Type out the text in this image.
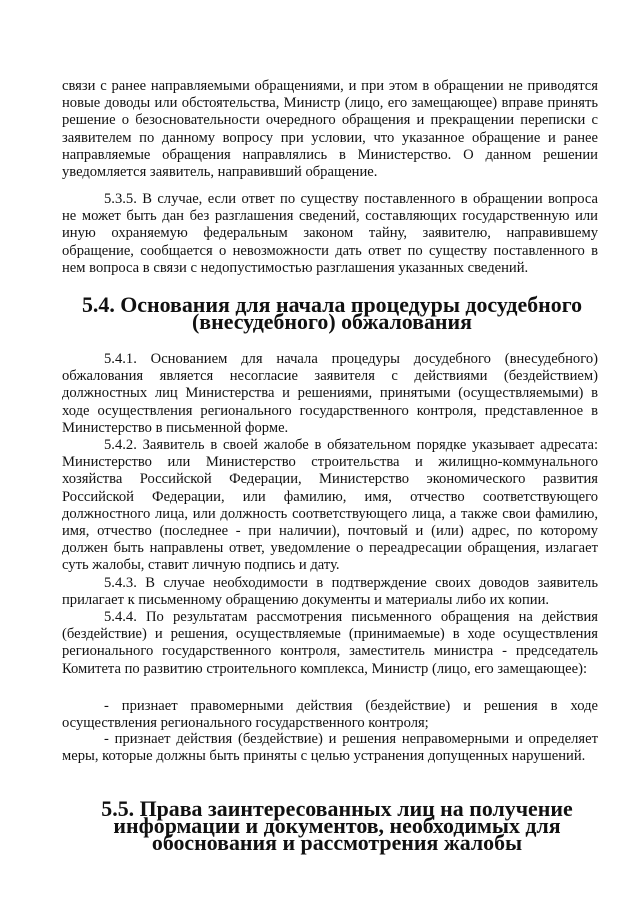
связи с ранее направляемыми обращениями, и при этом в обращении не приводятся новые доводы или обстоятельства, Министр (лицо, его замещающее) вправе принять решение о безосновательности очередного обращения и прекращении переписки с заявителем по данному вопросу при условии, что указанное обращение и ранее направляемые обращения направлялись в Министерство. О данном решении уведомляется заявитель, направивший обращение.

5.3.5. В случае, если ответ по существу поставленного в обращении вопроса не может быть дан без разглашения сведений, составляющих государственную или иную охраняемую федеральным законом тайну, заявителю, направившему обращение, сообщается о невозможности дать ответ по существу поставленного в нем вопроса в связи с недопустимостью разглашения указанных сведений.

5.4. Основания для начала процедуры досудебного (внесудебного) обжалования

5.4.1. Основанием для начала процедуры досудебного (внесудебного) обжалования является несогласие заявителя с действиями (бездействием) должностных лиц Министерства и решениями, принятыми (осуществляемыми) в ходе осуществления регионального государственного контроля, представленное в Министерство в письменной форме.

5.4.2. Заявитель в своей жалобе в обязательном порядке указывает адресата: Министерство или Министерство строительства и жилищно-коммунального хозяйства Российской Федерации, Министерство экономического развития Российской Федерации, или фамилию, имя, отчество соответствующего должностного лица, или должность соответствующего лица, а также свои фамилию, имя, отчество (последнее - при наличии), почтовый и (или) адрес, по которому должен быть направлены ответ, уведомление о переадресации обращения, излагает суть жалобы, ставит личную подпись и дату.

5.4.3. В случае необходимости в подтверждение своих доводов заявитель прилагает к письменному обращению документы и материалы либо их копии.

5.4.4. По результатам рассмотрения письменного обращения на действия (бездействие) и решения, осуществляемые (принимаемые) в ходе осуществления регионального государственного контроля, заместитель министра - председатель Комитета по развитию строительного комплекса, Министр (лицо, его замещающее):

- признает правомерными действия (бездействие) и решения в ходе осуществления регионального государственного контроля;

- признает действия (бездействие) и решения неправомерными и определяет меры, которые должны быть приняты с целью устранения допущенных нарушений.

5.5. Права заинтересованных лиц на получение информации и документов, необходимых для обоснования и рассмотрения жалобы
